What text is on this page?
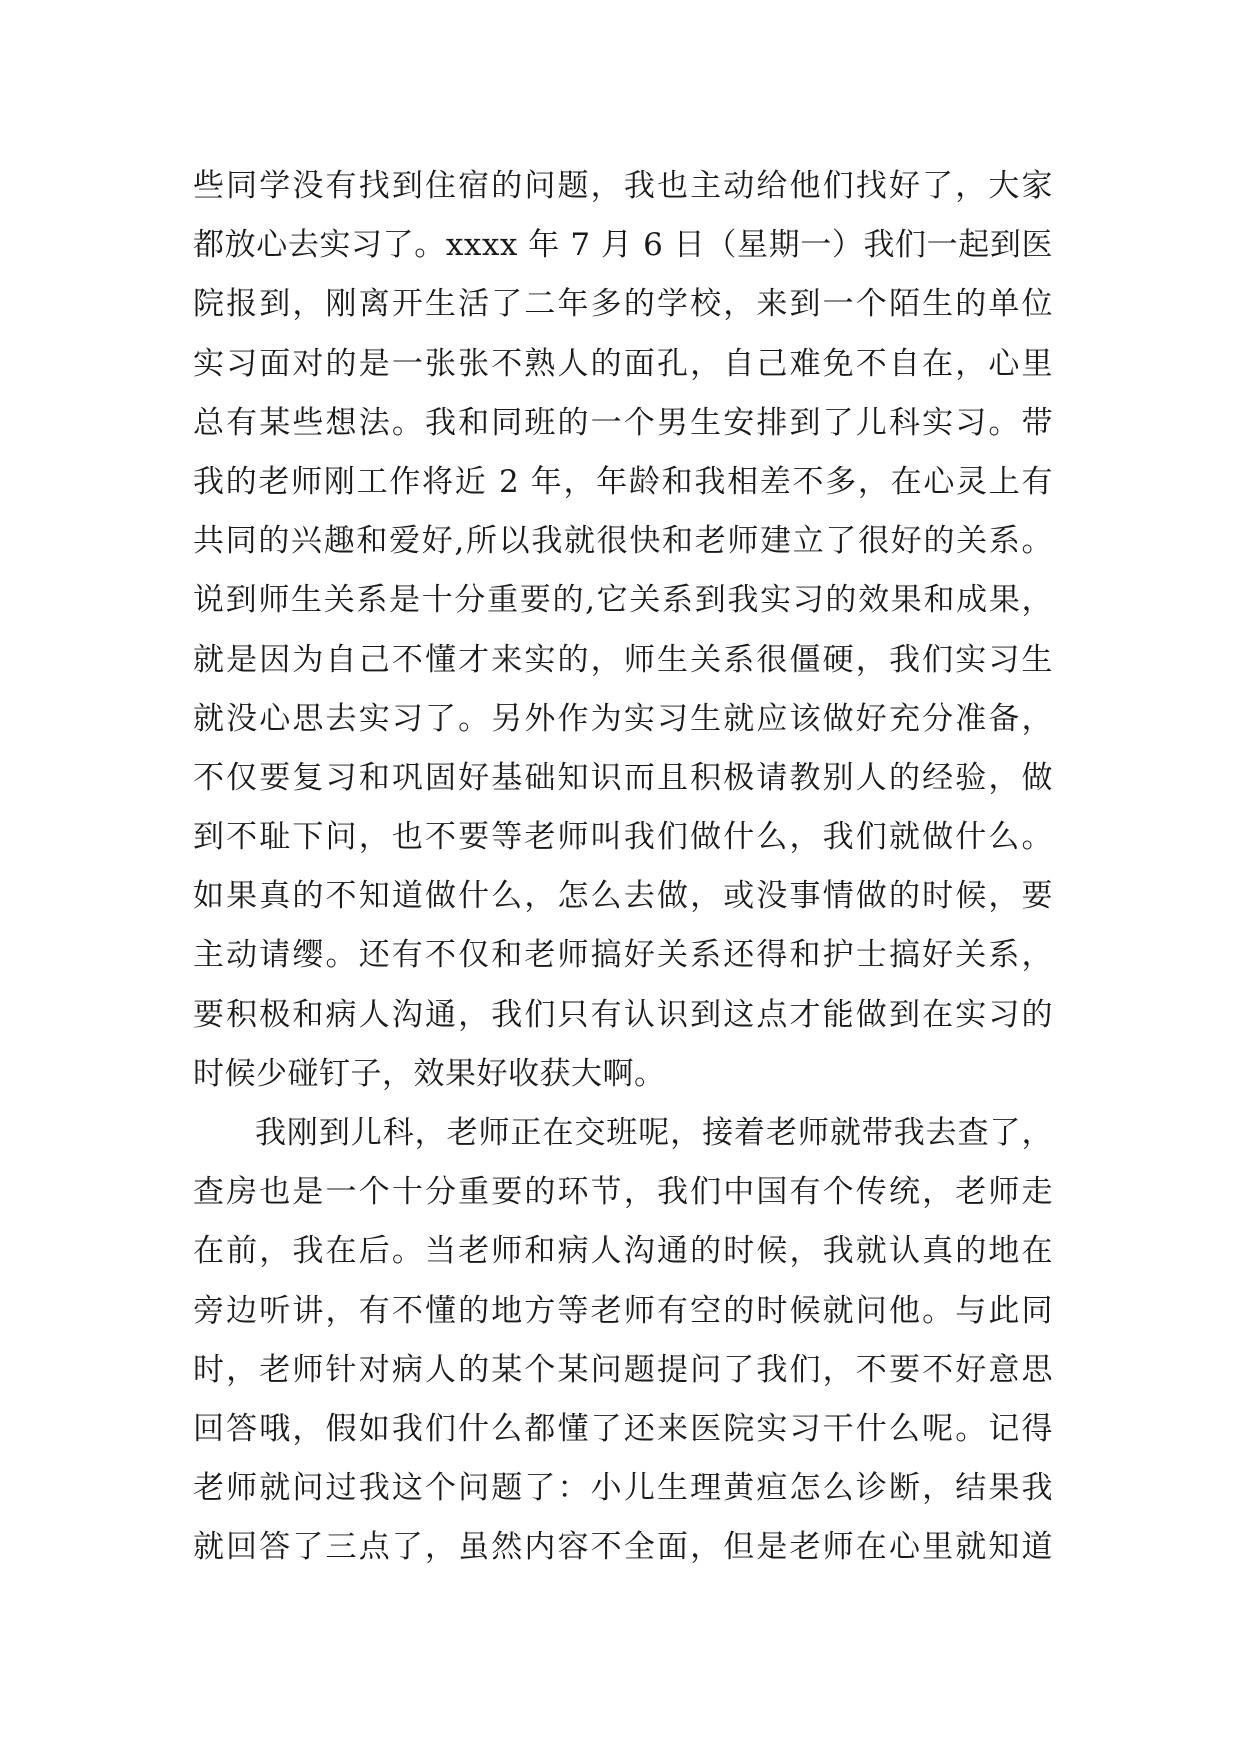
些同学没有找到住宿的问题，我也主动给他们找好了，大家
都放心去实习了。xxxx 年 7 月 6 日（星期一）我们一起到医
院报到，刚离开生活了二年多的学校，来到一个陌生的单位
实习面对的是一张张不熟人的面孔，自己难免不自在，心里
总有某些想法。我和同班的一个男生安排到了儿科实习。带
我的老师刚工作将近 2 年，年龄和我相差不多，在心灵上有
共同的兴趣和爱好,所以我就很快和老师建立了很好的关系。
说到师生关系是十分重要的,它关系到我实习的效果和成果，
就是因为自己不懂才来实的，师生关系很僵硬，我们实习生
就没心思去实习了。另外作为实习生就应该做好充分准备，
不仅要复习和巩固好基础知识而且积极请教别人的经验，做
到不耻下问，也不要等老师叫我们做什么，我们就做什么。
如果真的不知道做什么，怎么去做，或没事情做的时候，要
主动请缨。还有不仅和老师搞好关系还得和护士搞好关系，
要积极和病人沟通，我们只有认识到这点才能做到在实习的
时候少碰钉子，效果好收获大啊。
我刚到儿科，老师正在交班呢，接着老师就带我去查了，
查房也是一个十分重要的环节，我们中国有个传统，老师走
在前，我在后。当老师和病人沟通的时候，我就认真的地在
旁边听讲，有不懂的地方等老师有空的时候就问他。与此同
时，老师针对病人的某个某问题提问了我们，不要不好意思
回答哦，假如我们什么都懂了还来医院实习干什么呢。记得
老师就问过我这个问题了：小儿生理黄疸怎么诊断，结果我
就回答了三点了，虽然内容不全面，但是老师在心里就知道
